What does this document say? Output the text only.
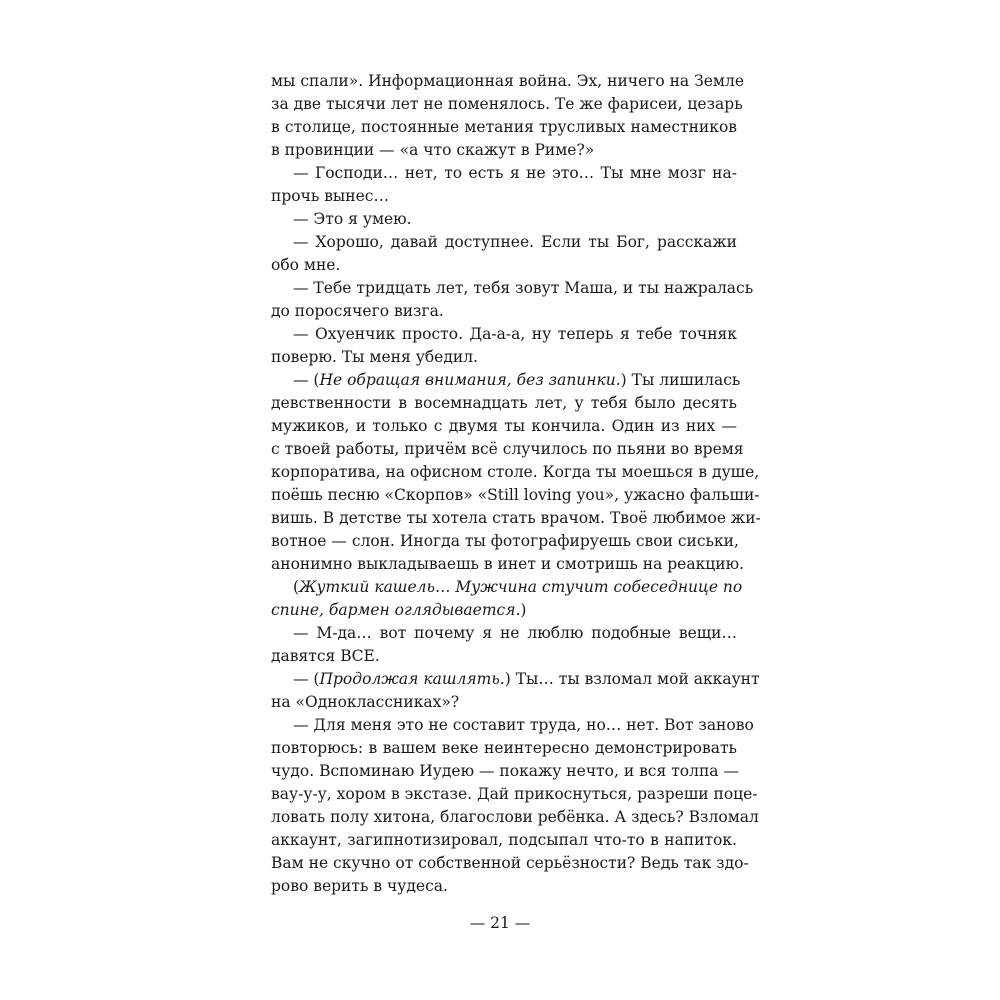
мы спали». Информационная война. Эх, ничего на Земле
за две тысячи лет не поменялось. Те же фарисеи, цезарь
в столице, постоянные метания трусливых наместников
в провинции — «а что скажут в Риме?»
— Господи… нет, то есть я не это… Ты мне мозг на-
прочь вынес…
— Это я умею.
— Хорошо, давай доступнее. Если ты Бог, расскажи
обо мне.
— Тебе тридцать лет, тебя зовут Маша, и ты нажралась
до поросячего визга.
— Охуенчик просто. Да-а-а, ну теперь я тебе точняк
поверю. Ты меня убедил.
— (Не обращая внимания, без запинки.) Ты лишилась
девственности в восемнадцать лет, у тебя было десять
мужиков, и только с двумя ты кончила. Один из них —
с твоей работы, причём всё случилось по пьяни во время
корпоратива, на офисном столе. Когда ты моешься в душе,
поёшь песню «Скорпов» «Still loving you», ужасно фальши-
вишь. В детстве ты хотела стать врачом. Твоё любимое жи-
вотное — слон. Иногда ты фотографируешь свои сиськи,
анонимно выкладываешь в инет и смотришь на реакцию.
(Жуткий кашель… Мужчина стучит собеседнице по
спине, бармен оглядывается.)
— М-да… вот почему я не люблю подобные вещи…
давятся ВСЕ.
— (Продолжая кашлять.) Ты… ты взломал мой аккаунт
на «Одноклассниках»?
— Для меня это не составит труда, но… нет. Вот заново
повторюсь: в вашем веке неинтересно демонстрировать
чудо. Вспоминаю Иудею — покажу нечто, и вся толпа —
вау-у-у, хором в экстазе. Дай прикоснуться, разреши поце-
ловать полу хитона, благослови ребёнка. А здесь? Взломал
аккаунт, загипнотизировал, подсыпал что-то в напиток.
Вам не скучно от собственной серьёзности? Ведь так здо-
рово верить в чудеса.
— 21 —
